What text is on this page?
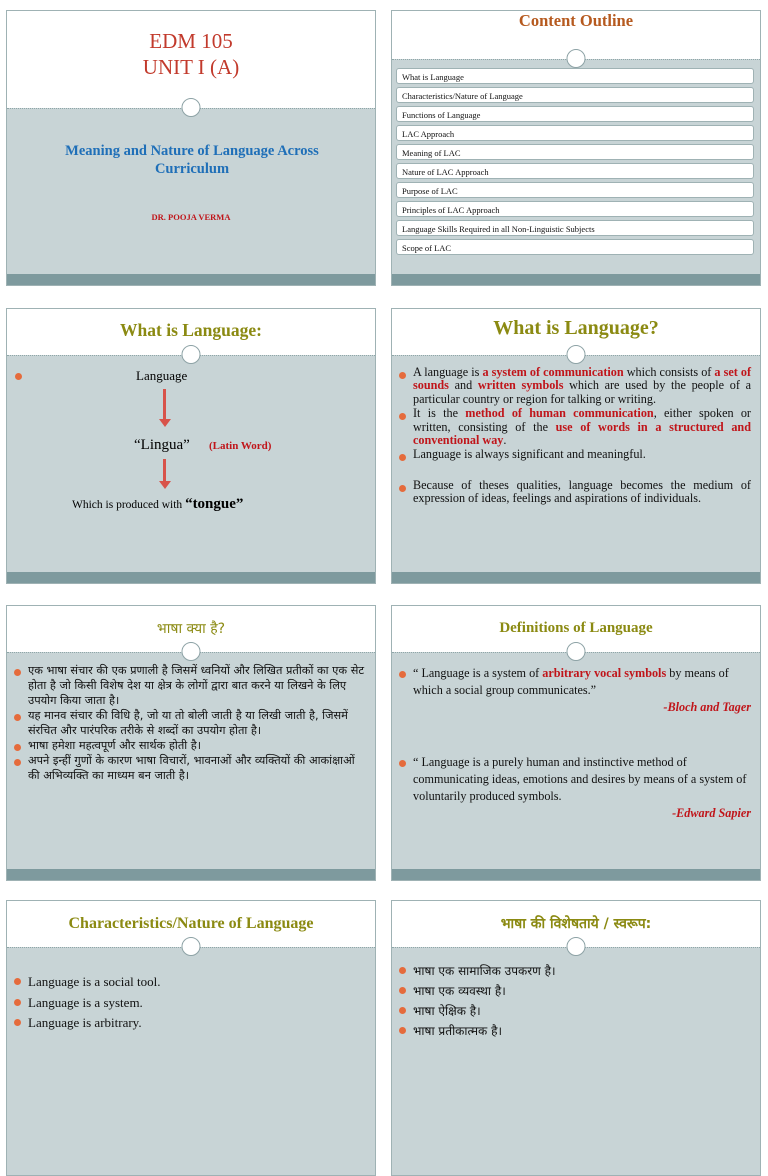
EDM 105
UNIT I (A)
Meaning and Nature of Language Across Curriculum
DR. POOJA VERMA
Content Outline
What is Language
Characteristics/Nature of Language
Functions of Language
LAC Approach
Meaning of LAC
Nature of LAC Approach
Purpose of LAC
Principles of LAC Approach
Language Skills Required in all Non-Linguistic Subjects
Scope of LAC
What is Language:
Language
“Lingua” (Latin Word)
Which is produced with “tongue”
What is Language?
A language is a system of communication which consists of a set of sounds and written symbols which are used by the people of a particular country or region for talking or writing.
It is the method of human communication, either spoken or written, consisting of the use of words in a structured and conventional way.
Language is always significant and meaningful.
Because of theses qualities, language becomes the medium of expression of ideas, feelings and aspirations of individuals.
भाषा क्या है?
एक भाषा संचार की एक प्रणाली है जिसमें ध्वनियों और लिखित प्रतीकों का एक सेट होता है जो किसी विशेष देश या क्षेत्र के लोगों द्वारा बात करने या लिखने के लिए उपयोग किया जाता है।
यह मानव संचार की विधि है, जो या तो बोली जाती है या लिखी जाती है, जिसमें संरचित और पारंपरिक तरीके से शब्दों का उपयोग होता है।
भाषा हमेशा महत्वपूर्ण और सार्थक होती है।
अपने इन्हीं गुणों के कारण भाषा विचारों, भावनाओं और व्यक्तियों की आकांक्षाओं की अभिव्यक्ति का माध्यम बन जाती है।
Definitions of Language
“ Language is a system of arbitrary vocal symbols by means of which a social group communicates.”
-Bloch and Tager
“ Language is a purely human and instinctive method of communicating ideas, emotions and desires by means of a system of voluntarily produced symbols.
-Edward Sapier
Characteristics/Nature of Language
Language is a social tool.
Language is a system.
Language is arbitrary.
भाषा की विशेषताये / स्वरूप:
भाषा एक सामाजिक उपकरण है।
भाषा एक व्यवस्था है।
भाषा ऐक्षिक है।
भाषा प्रतीकात्मक है।
